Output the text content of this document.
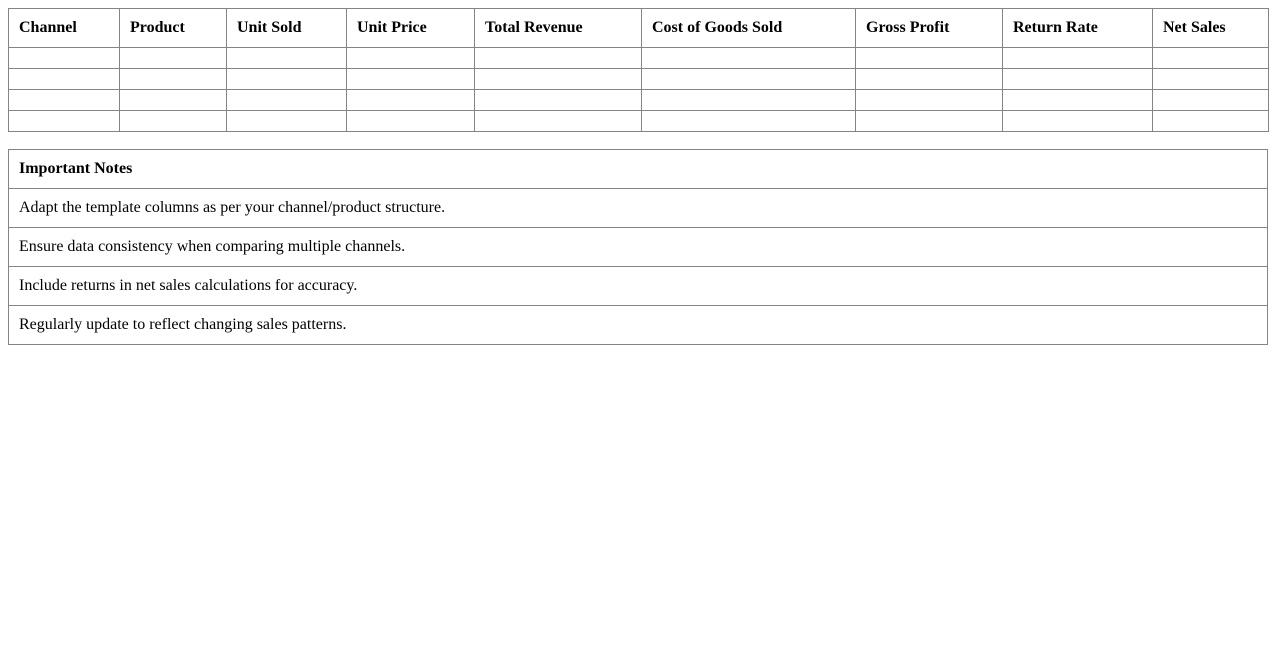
Channel	Product	Unit Sold	Unit Price	Total Revenue	Cost of Goods Sold	Gross Profit	Return Rate	Net Sales

Important Notes
Adapt the template columns as per your channel/product structure.
Ensure data consistency when comparing multiple channels.
Include returns in net sales calculations for accuracy.
Regularly update to reflect changing sales patterns.
